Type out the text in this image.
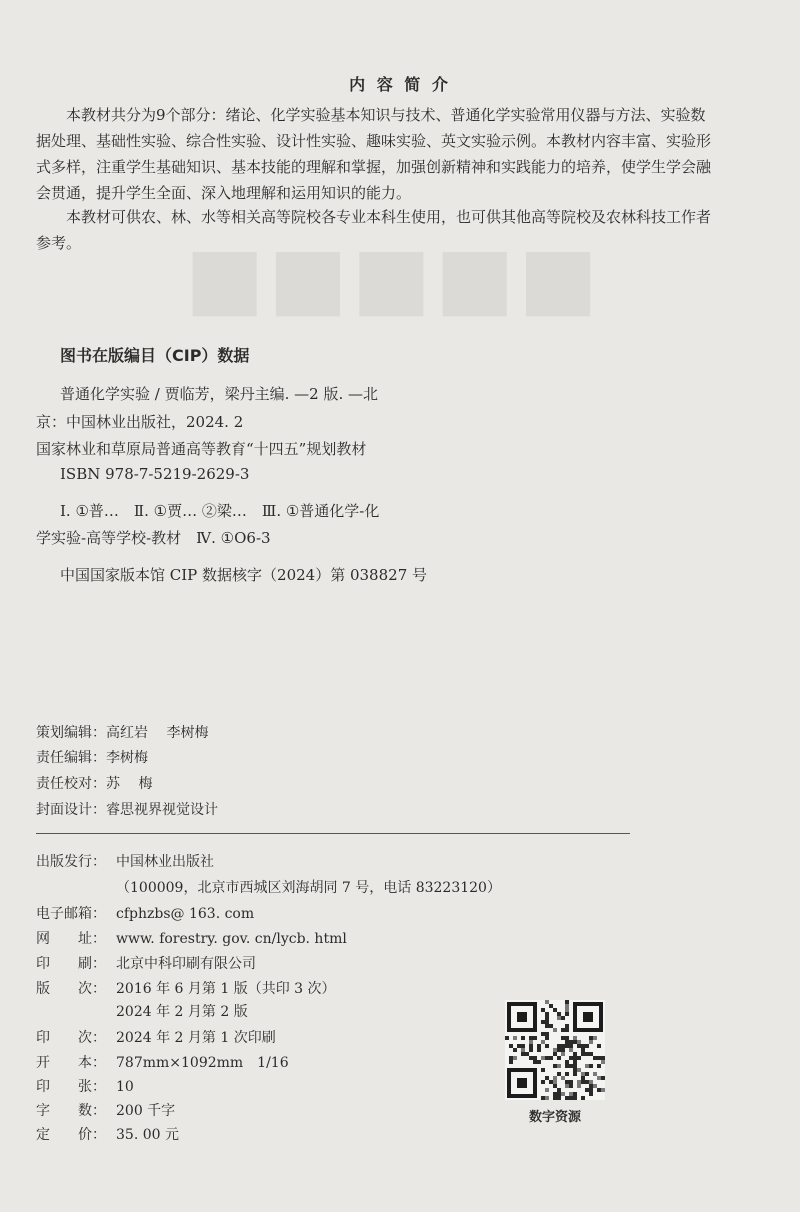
■■■■■
内 容 简 介
　　本教材共分为9个部分：绪论、化学实验基本知识与技术、普通化学实验常用仪器与方法、实验数
据处理、基础性实验、综合性实验、设计性实验、趣味实验、英文实验示例。本教材内容丰富、实验形
式多样，注重学生基础知识、基本技能的理解和掌握，加强创新精神和实践能力的培养，使学生学会融
会贯通，提升学生全面、深入地理解和运用知识的能力。
　　本教材可供农、林、水等相关高等院校各专业本科生使用，也可供其他高等院校及农林科技工作者
参考。
图书在版编目（CIP）数据
普通化学实验 / 贾临芳，梁丹主编. —2 版. —北
京：中国林业出版社，2024. 2
国家林业和草原局普通高等教育“十四五”规划教材
ISBN 978-7-5219-2629-3
Ⅰ. ①普…　Ⅱ. ①贾… ②梁…　Ⅲ. ①普通化学-化
学实验-高等学校-教材　Ⅳ. ①O6-3
中国国家版本馆 CIP 数据核字（2024）第 038827 号
策划编辑：高红岩　 李树梅
责任编辑：李树梅
责任校对：苏　 梅
封面设计：睿思视界视觉设计
出版发行： 中国林业出版社
（100009，北京市西城区刘海胡同 7 号，电话 83223120）
电子邮箱： cfphzbs@ 163. com
网　　址： www. forestry. gov. cn/lycb. html
印　　刷： 北京中科印刷有限公司
版　　次： 2016 年 6 月第 1 版（共印 3 次）
2024 年 2 月第 2 版
印　　次： 2024 年 2 月第 1 次印刷
开　　本： 787mm×1092mm　1/16
印　　张： 10
字　　数： 200 千字
定　　价： 35. 00 元
数字资源
